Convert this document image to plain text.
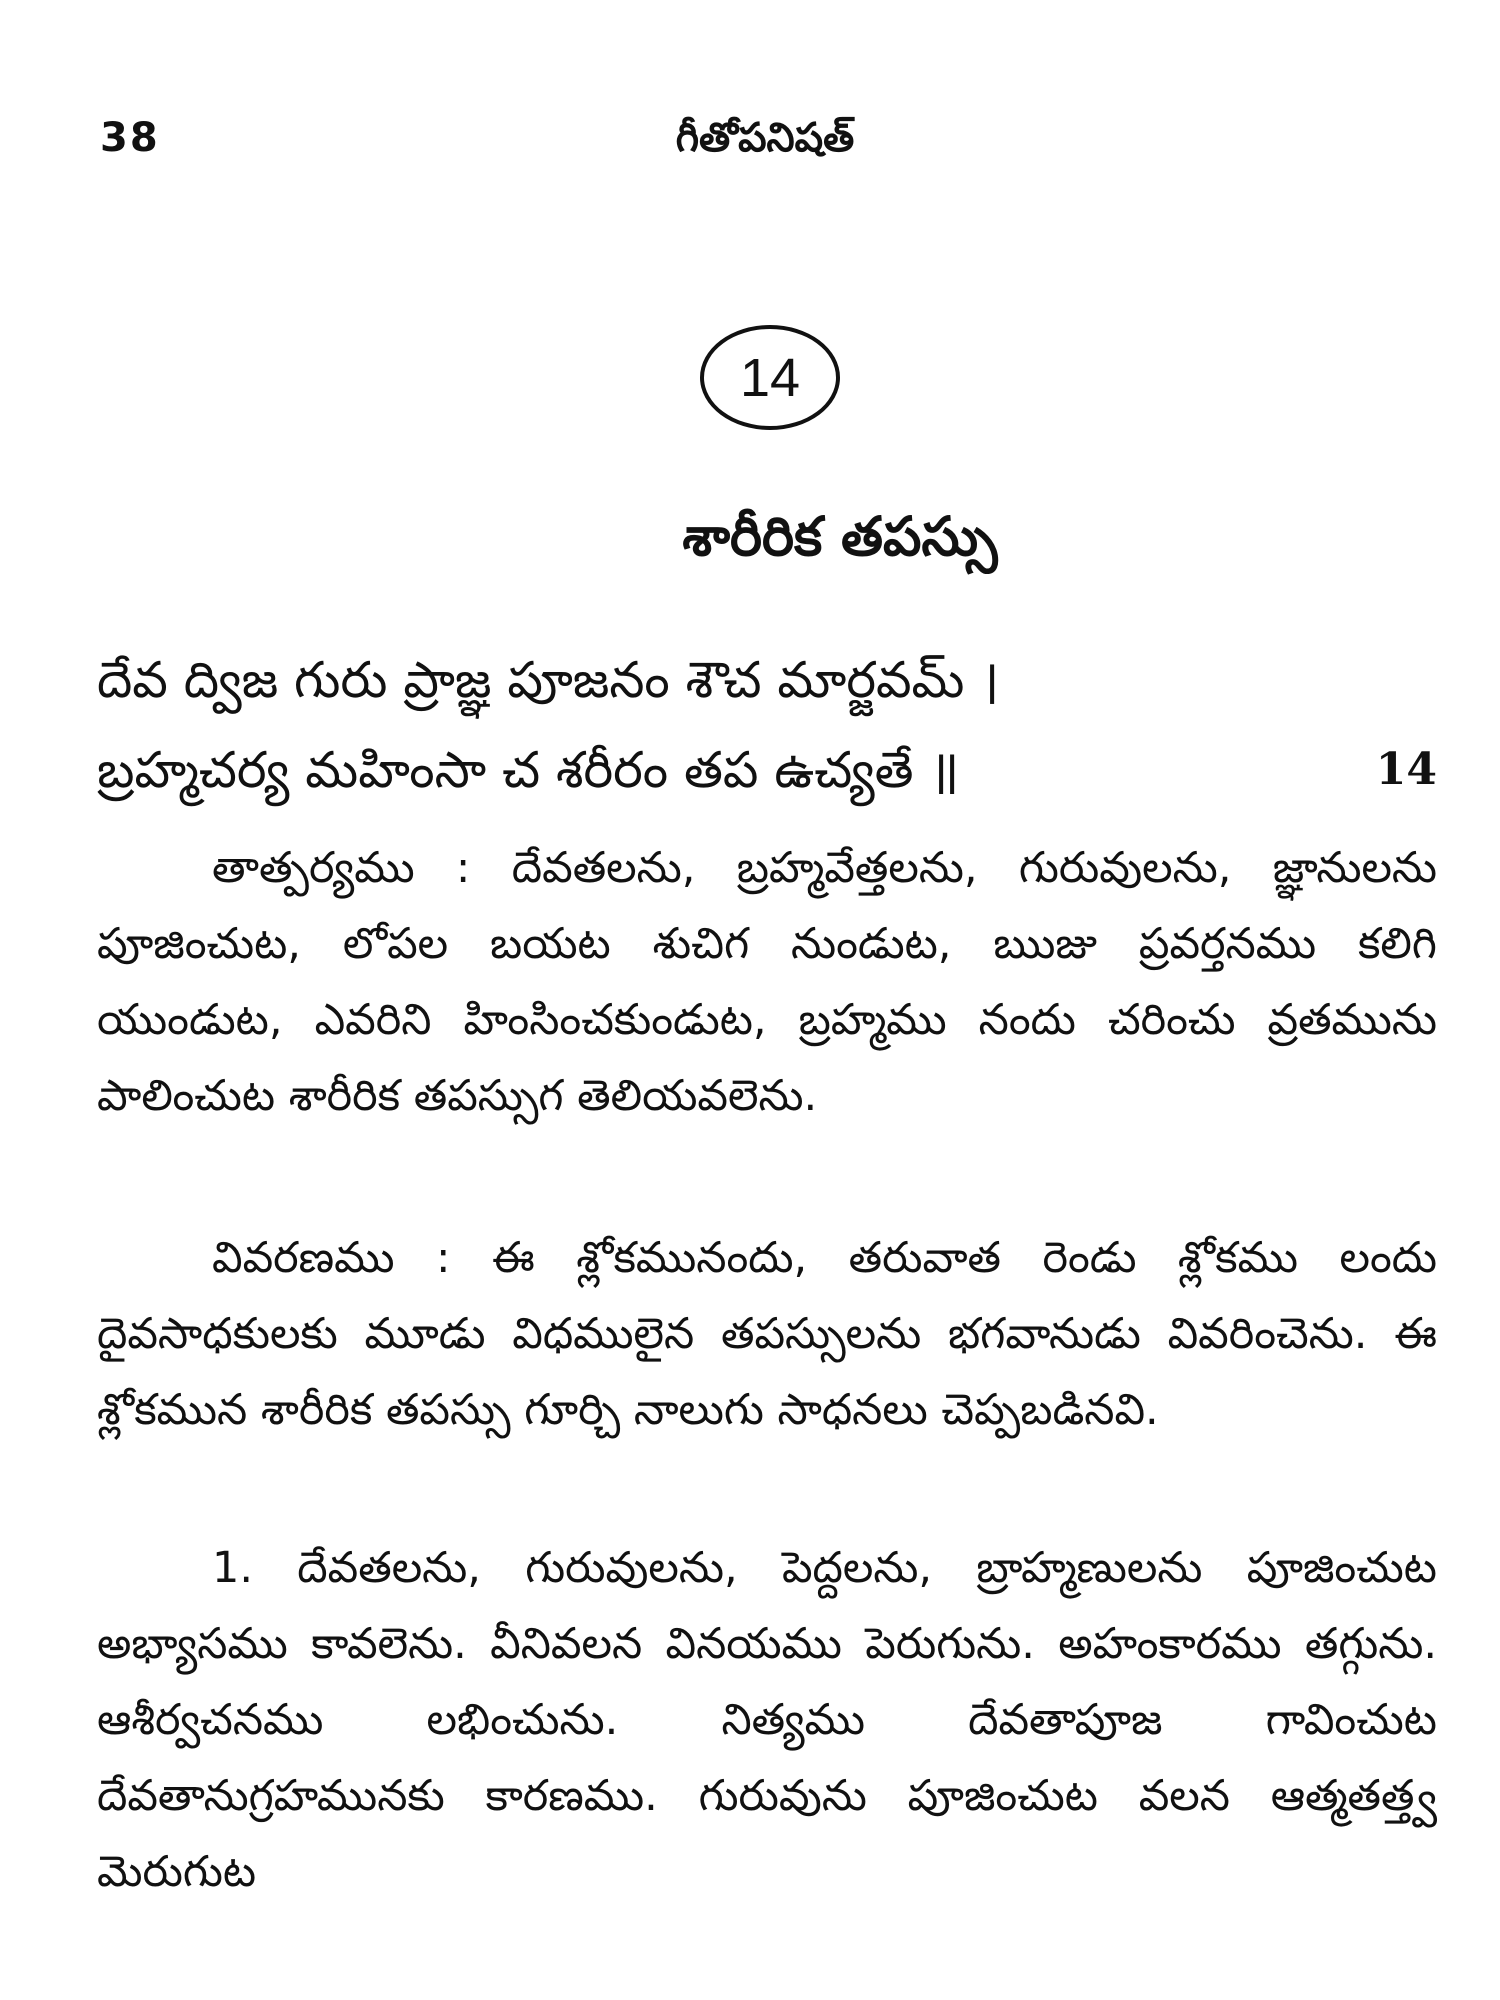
38	గీతోపనిషత్
14
శారీరిక తపస్సు
దేవ ద్విజ గురు ప్రాజ్ఞ పూజనం శౌచ మార్జవమ్ ।
బ్రహ్మచర్య మహింసా చ శరీరం తప ఉచ్యతే ॥	14

తాత్పర్యము : దేవతలను, బ్రహ్మవేత్తలను, గురువులను, జ్ఞానులను పూజించుట, లోపల బయట శుచిగ నుండుట, ఋజు ప్రవర్తనము కలిగి యుండుట, ఎవరిని హింసించకుండుట, బ్రహ్మము నందు చరించు వ్రతమును పాలించుట శారీరిక తపస్సుగ తెలియవలెను.

వివరణము : ఈ శ్లోకమునందు, తరువాత రెండు శ్లోకము లందు దైవసాధకులకు మూడు విధములైన తపస్సులను భగవానుడు వివరించెను. ఈ శ్లోకమున శారీరిక తపస్సు గూర్చి నాలుగు సాధనలు చెప్పబడినవి.

1. దేవతలను, గురువులను, పెద్దలను, బ్రాహ్మణులను పూజించుట అభ్యాసము కావలెను. వీనివలన వినయము పెరుగును. అహంకారము తగ్గును. ఆశీర్వచనము లభించును. నిత్యము దేవతాపూజ గావించుట దేవతానుగ్రహమునకు కారణము. గురువును పూజించుట వలన ఆత్మతత్త్వ మెరుగుట
